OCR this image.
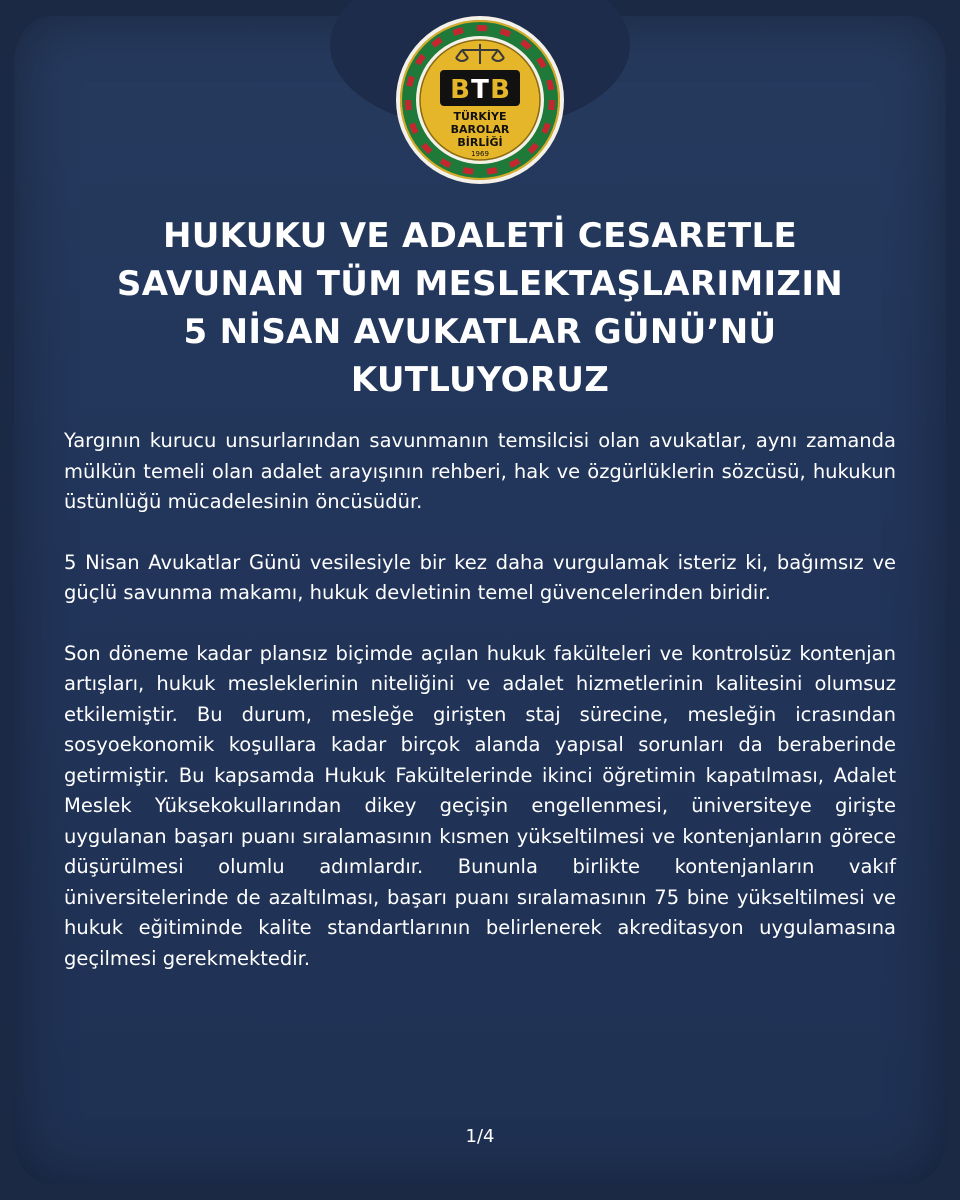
B T B
TÜRKİYE
BAROLAR
BİRLİĞİ
1969
HUKUKU VE ADALETİ CESARETLE
SAVUNAN TÜM MESLEKTAŞLARIMIZIN
5 NİSAN AVUKATLAR GÜNÜ’NÜ
KUTLUYORUZ

Yargının kurucu unsurlarından savunmanın temsilcisi olan avukatlar, aynı zamanda mülkün temeli olan adalet arayışının rehberi, hak ve özgürlüklerin sözcüsü, hukukun üstünlüğü mücadelesinin öncüsüdür.

5 Nisan Avukatlar Günü vesilesiyle bir kez daha vurgulamak isteriz ki, bağımsız ve güçlü savunma makamı, hukuk devletinin temel güvencelerinden biridir.

Son döneme kadar plansız biçimde açılan hukuk fakülteleri ve kontrolsüz kontenjan artışları, hukuk mesleklerinin niteliğini ve adalet hizmetlerinin kalitesini olumsuz etkilemiştir. Bu durum, mesleğe girişten staj sürecine, mesleğin icrasından sosyoekonomik koşullara kadar birçok alanda yapısal sorunları da beraberinde getirmiştir. Bu kapsamda Hukuk Fakültelerinde ikinci öğretimin kapatılması, Adalet Meslek Yüksekokullarından dikey geçişin engellenmesi, üniversiteye girişte uygulanan başarı puanı sıralamasının kısmen yükseltilmesi ve kontenjanların görece düşürülmesi olumlu adımlardır. Bununla birlikte kontenjanların vakıf üniversitelerinde de azaltılması, başarı puanı sıralamasının 75 bine yükseltilmesi ve hukuk eğitiminde kalite standartlarının belirlenerek akreditasyon uygulamasına geçilmesi gerekmektedir.

1/4
